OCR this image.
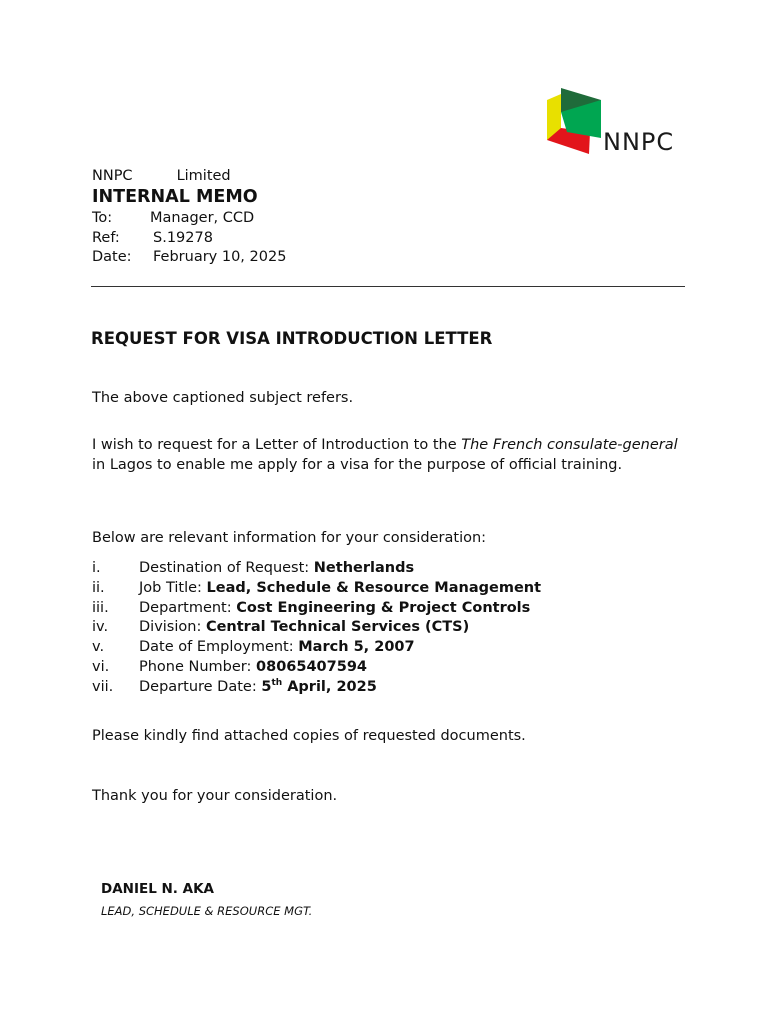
NNPC
NNPC	Limited
INTERNAL MEMO
To:	Manager, CCD
Ref: S.19278
Date: February 10, 2025
REQUEST FOR VISA INTRODUCTION LETTER
The above captioned subject refers.
I wish to request for a Letter of Introduction to the The French consulate-general in Lagos to enable me apply for a visa for the purpose of official training.
Below are relevant information for your consideration:
i.	Destination of Request: Netherlands
ii. Job Title: Lead, Schedule & Resource Management
iii. Department: Cost Engineering & Project Controls
iv. Division: Central Technical Services (CTS)
v. Date of Employment: March 5, 2007
vi. Phone Number: 08065407594
vii. Departure Date: 5th April, 2025
Please kindly find attached copies of requested documents.
Thank you for your consideration.
DANIEL N. AKA
LEAD, SCHEDULE & RESOURCE MGT.
